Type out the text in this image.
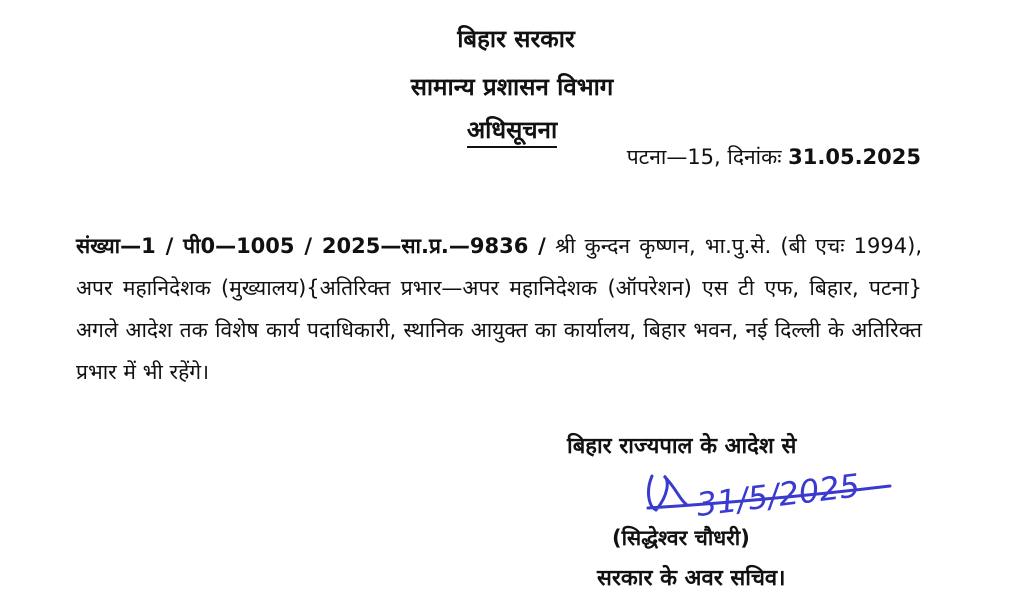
बिहार सरकार
सामान्य प्रशासन विभाग
अधिसूचना
पटना—15, दिनांकः 31.05.2025
संख्या—1 / पी0—1005 / 2025—सा.प्र.—9836 / श्री कुन्दन कृष्णन, भा.पु.से. (बी एचः 1994), अपर महानिदेशक (मुख्यालय){अतिरिक्त प्रभार—अपर महानिदेशक (ऑपरेशन) एस टी एफ, बिहार, पटना} अगले आदेश तक विशेष कार्य पदाधिकारी, स्थानिक आयुक्त का कार्यालय, बिहार भवन, नई दिल्ली के अतिरिक्त प्रभार में भी रहेंगे।
बिहार राज्यपाल के आदेश से
31/5/2025
(सिद्धेश्वर चौधरी)
सरकार के अवर सचिव।
